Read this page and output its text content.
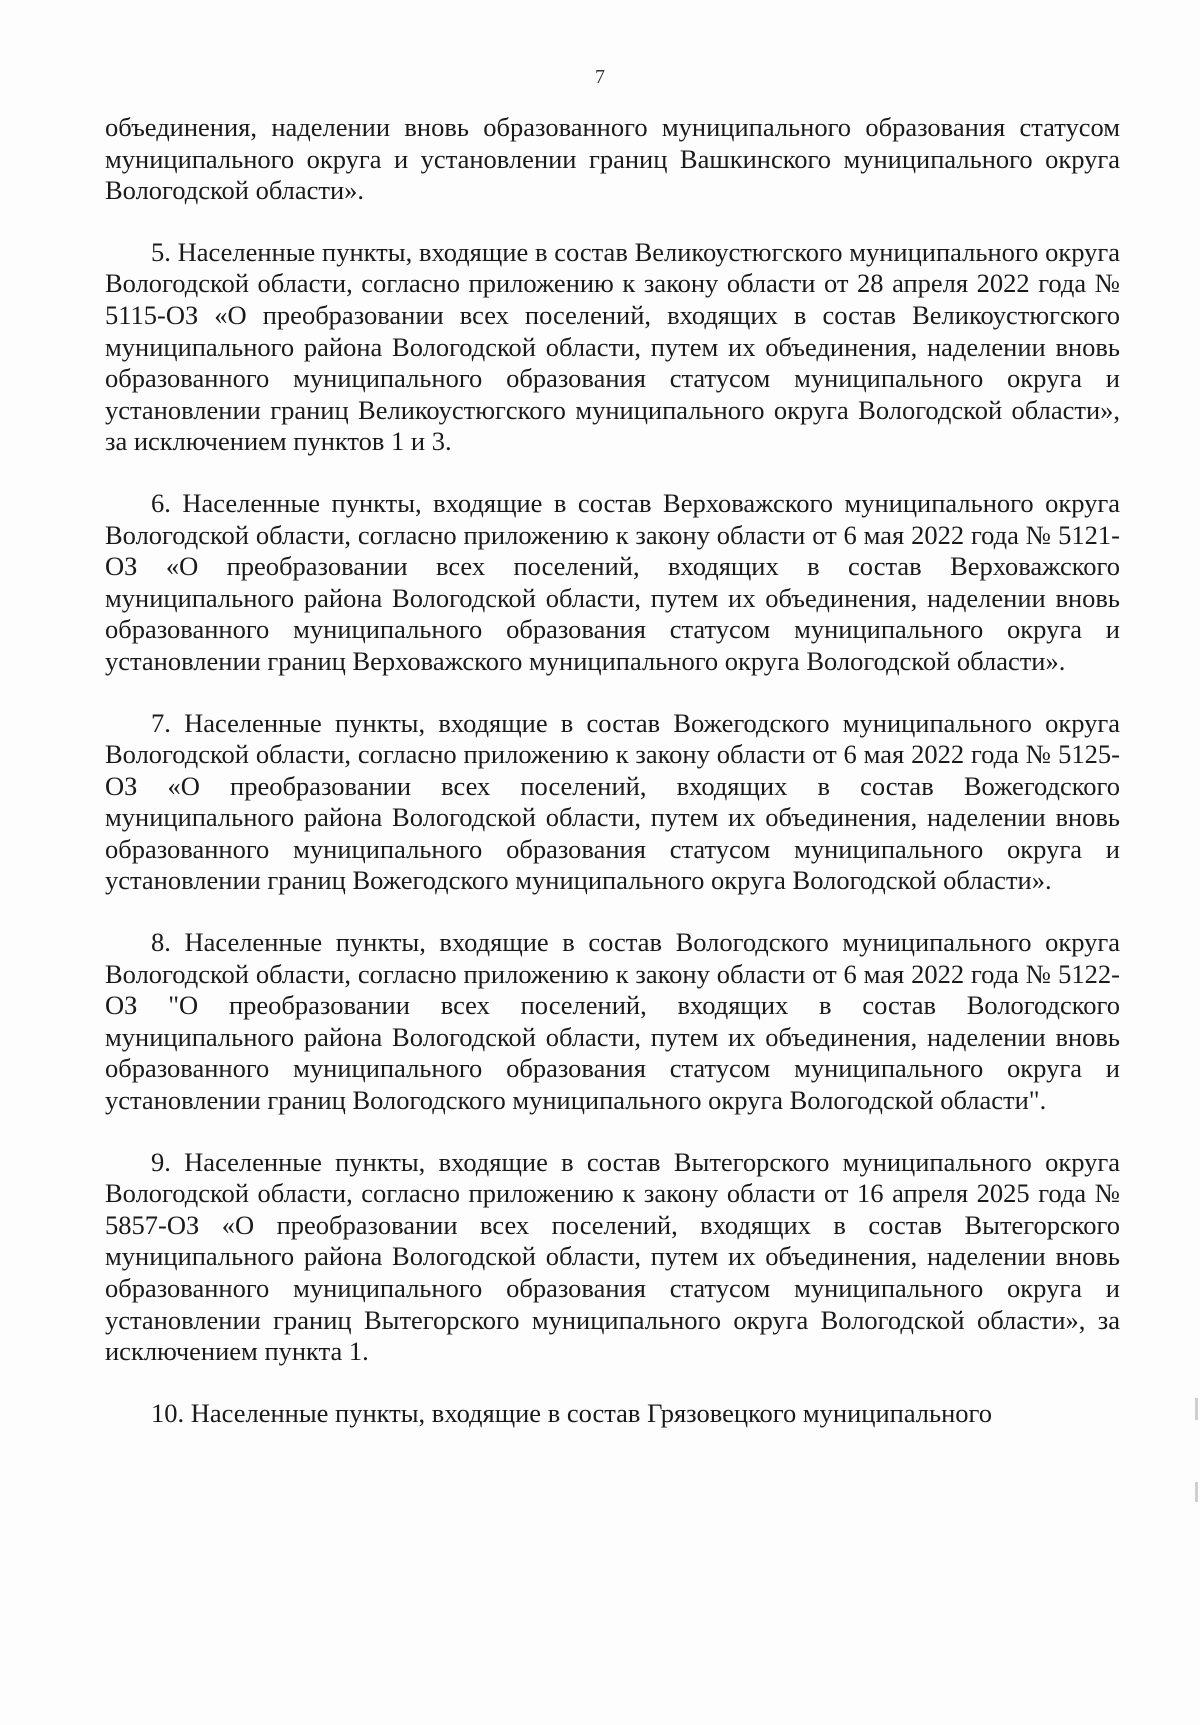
7

объединения, наделении вновь образованного муниципального образования статусом муниципального округа и установлении границ Вашкинского муниципального округа Вологодской области».

5. Населенные пункты, входящие в состав Великоустюгского муниципального округа Вологодской области, согласно приложению к закону области от 28 апреля 2022 года № 5115-ОЗ «О преобразовании всех поселений, входящих в состав Великоустюгского муниципального района Вологодской области, путем их объединения, наделении вновь образованного муниципального образования статусом муниципального округа и установлении границ Великоустюгского муниципального округа Вологодской области», за исключением пунктов 1 и 3.

6. Населенные пункты, входящие в состав Верховажского муниципального округа Вологодской области, согласно приложению к закону области от 6 мая 2022 года № 5121-ОЗ «О преобразовании всех поселений, входящих в состав Верховажского муниципального района Вологодской области, путем их объединения, наделении вновь образованного муниципального образования статусом муниципального округа и установлении границ Верховажского муниципального округа Вологодской области».

7. Населенные пункты, входящие в состав Вожегодского муниципального округа Вологодской области, согласно приложению к закону области от 6 мая 2022 года № 5125-ОЗ «О преобразовании всех поселений, входящих в состав Вожегодского муниципального района Вологодской области, путем их объединения, наделении вновь образованного муниципального образования статусом муниципального округа и установлении границ Вожегодского муниципального округа Вологодской области».

8. Населенные пункты, входящие в состав Вологодского муниципального округа Вологодской области, согласно приложению к закону области от 6 мая 2022 года № 5122-ОЗ "О преобразовании всех поселений, входящих в состав Вологодского муниципального района Вологодской области, путем их объединения, наделении вновь образованного муниципального образования статусом муниципального округа и установлении границ Вологодского муниципального округа Вологодской области".

9. Населенные пункты, входящие в состав Вытегорского муниципального округа Вологодской области, согласно приложению к закону области от 16 апреля 2025 года № 5857-ОЗ «О преобразовании всех поселений, входящих в состав Вытегорского муниципального района Вологодской области, путем их объединения, наделении вновь образованного муниципального образования статусом муниципального округа и установлении границ Вытегорского муниципального округа Вологодской области», за исключением пункта 1.

10. Населенные пункты, входящие в состав Грязовецкого муниципального
